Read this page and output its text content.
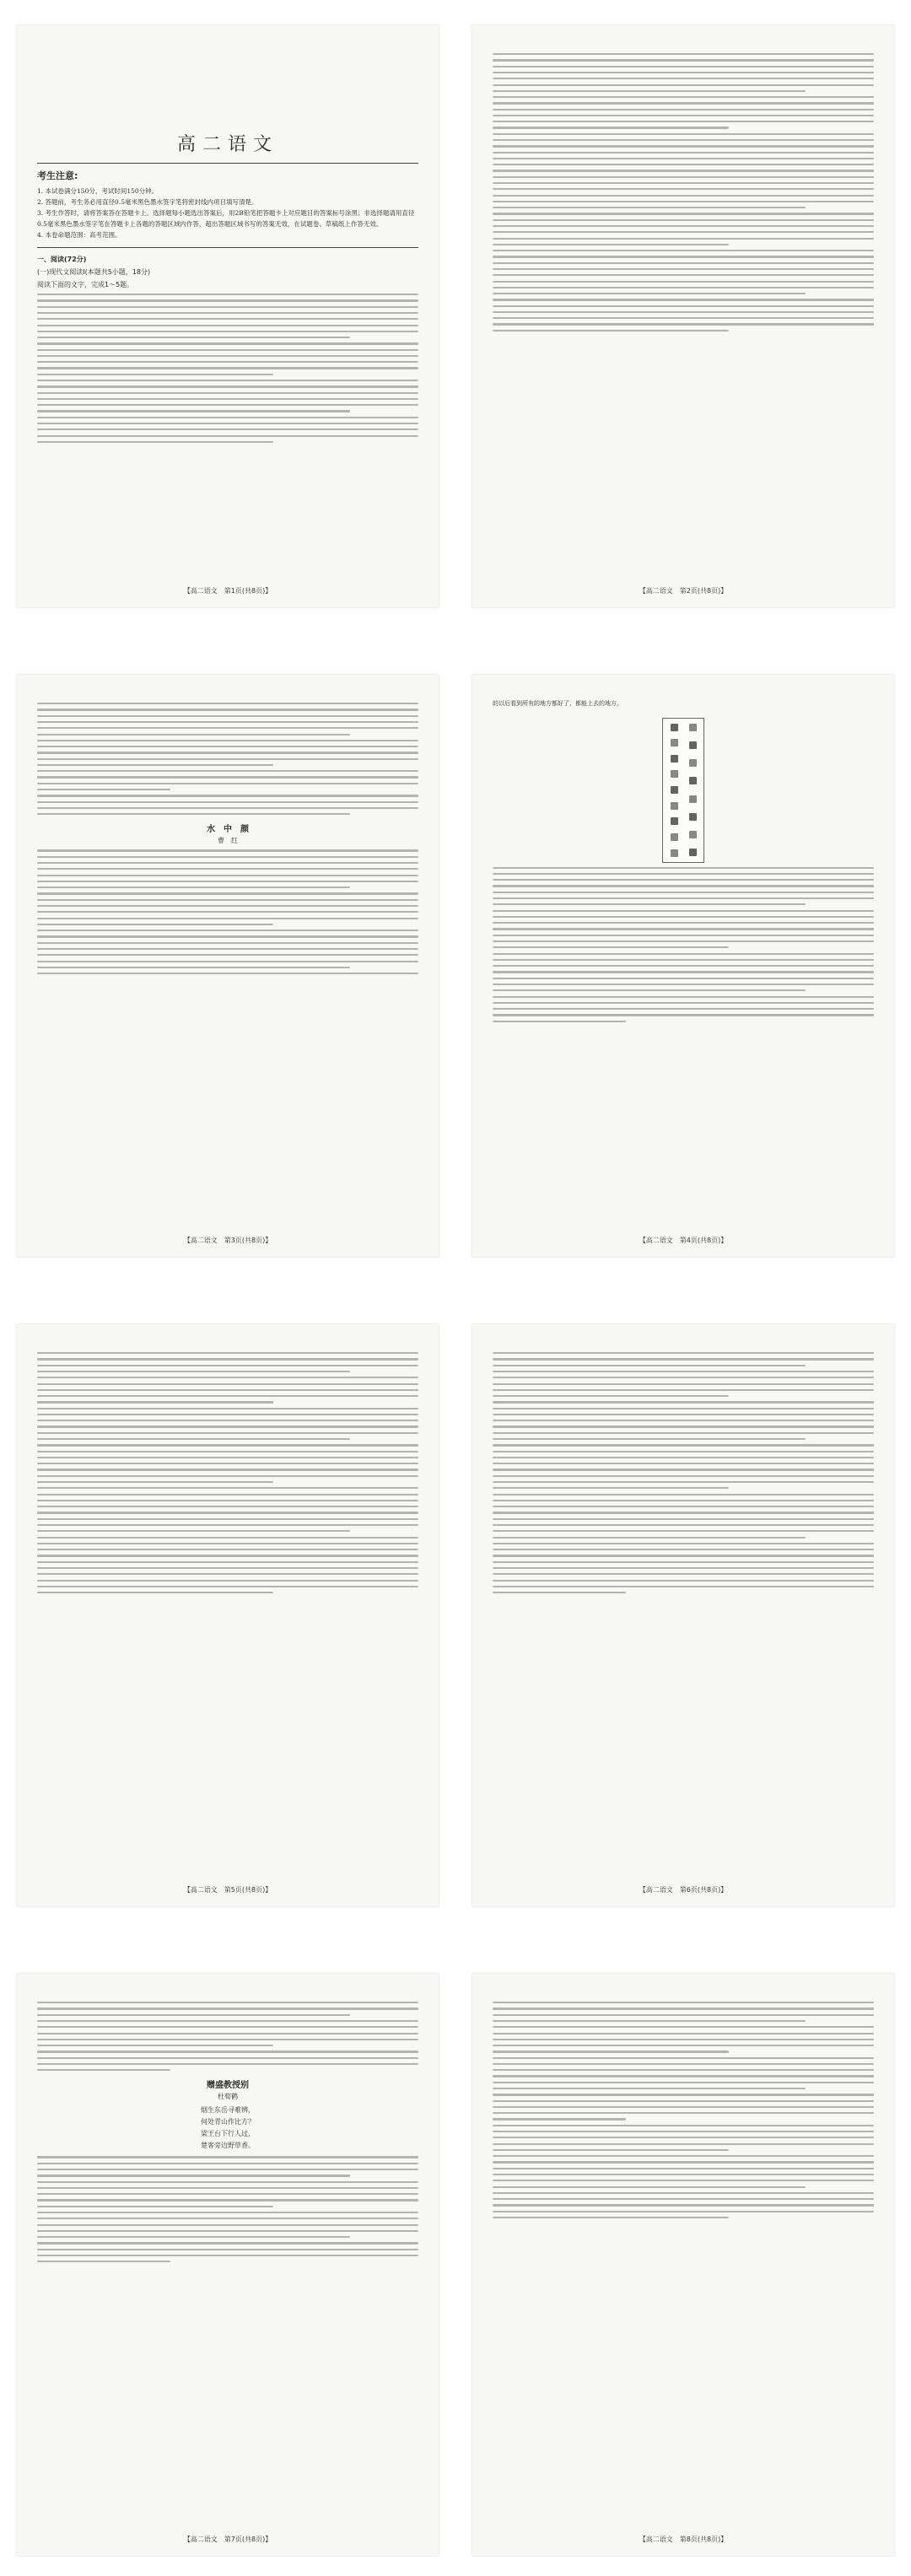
高二语文
考生注意:

1. 本试卷满分150分，考试时间150分钟。

2. 答题前，考生务必用直径0.5毫米黑色墨水签字笔将密封线内项目填写清楚。

3. 考生作答时，请将答案答在答题卡上。选择题每小题选出答案后，用2B铅笔把答题卡上对应题目的答案标号涂黑；非选择题请用直径0.5毫米黑色墨水签字笔在答题卡上各题的答题区域内作答，超出答题区域书写的答案无效，在试题卷、草稿纸上作答无效。

4. 本卷命题范围：高考范围。

一、阅读(72分)
(一)现代文阅读Ⅰ(本题共5小题，18分)
阅读下面的文字，完成1～5题。
【高二语文　第1页(共8页)】	【高二语文　第2页(共8页)】
水　中　颜
曹　红
【高二语文　第3页(共8页)】
的以后看到所有的地方都好了，都能上去的地方。
【高二语文　第4页(共8页)】
【高二语文　第5页(共8页)】	【高二语文　第6页(共8页)】
赠盛教授别
杜荀鹤
烟生东岳寻难辨，
何处青山作比方？
梁王台下行人过，
楚客旁边野草香。
【高二语文　第7页(共8页)】	【高二语文　第8页(共8页)】
